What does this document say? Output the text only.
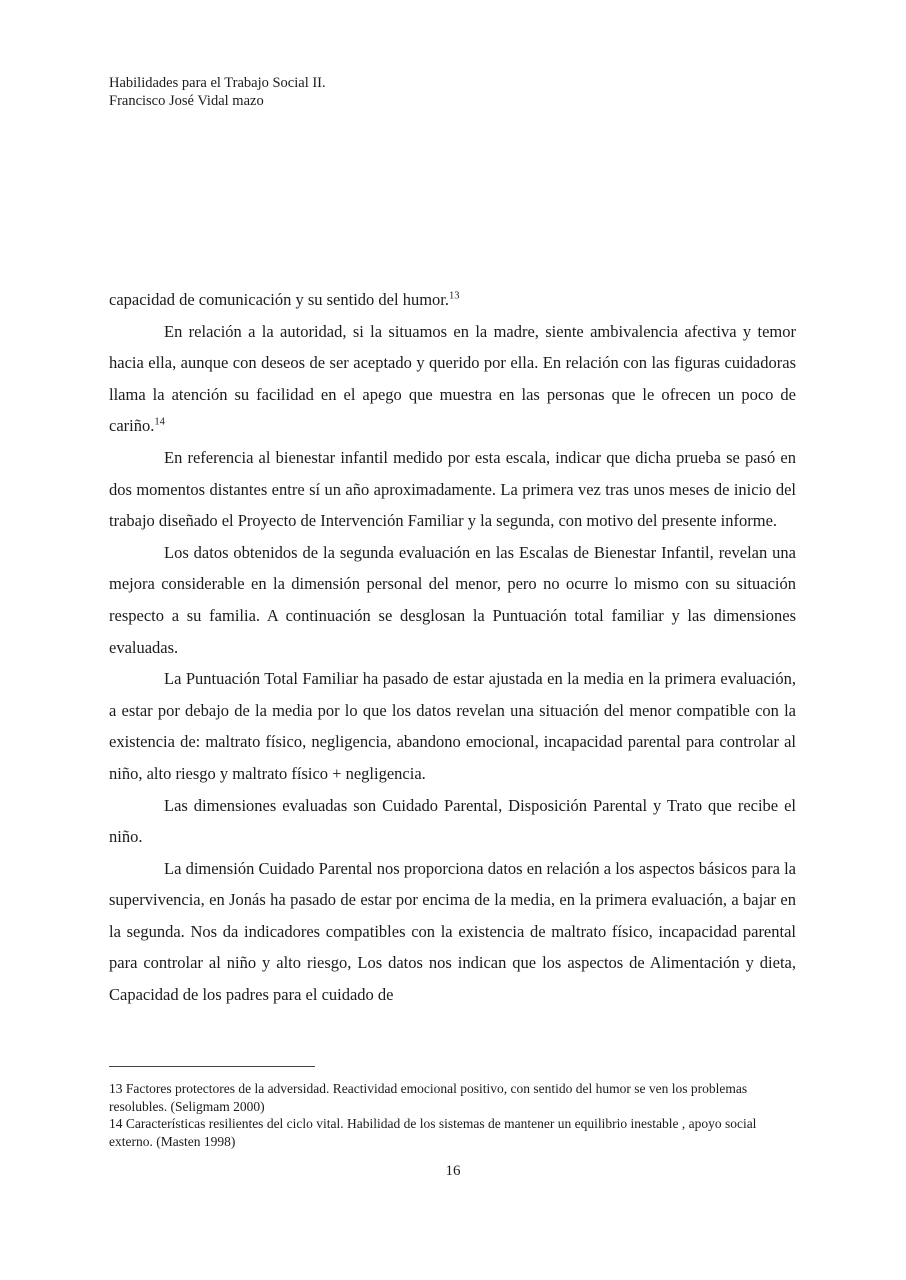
Habilidades para el Trabajo Social II.
Francisco José Vidal mazo

capacidad de comunicación y su sentido del humor.$^{13}$

En relación a la autoridad, si la situamos en la madre, siente ambivalencia afectiva y temor hacia ella, aunque con deseos de ser aceptado y querido por ella. En relación con las figuras cuidadoras llama la atención su facilidad en el apego que muestra en las personas que le ofrecen un poco de cariño.$^{14}$

En referencia al bienestar infantil medido por esta escala, indicar que dicha prueba se pasó en dos momentos distantes entre sí un año aproximadamente. La primera vez tras unos meses de inicio del trabajo diseñado el Proyecto de Intervención Familiar y la segunda, con motivo del presente informe.

Los datos obtenidos de la segunda evaluación en las Escalas de Bienestar Infantil, revelan una mejora considerable en la dimensión personal del menor, pero no ocurre lo mismo con su situación respecto a su familia. A continuación se desglosan la Puntuación total familiar y las dimensiones evaluadas.

La Puntuación Total Familiar ha pasado de estar ajustada en la media en la primera evaluación, a estar por debajo de la media por lo que los datos revelan una situación del menor compatible con la existencia de: maltrato físico, negligencia, abandono emocional, incapacidad parental para controlar al niño, alto riesgo y maltrato físico + negligencia.

Las dimensiones evaluadas son Cuidado Parental, Disposición Parental y Trato que recibe el niño.

La dimensión Cuidado Parental nos proporciona datos en relación a los aspectos básicos para la supervivencia, en Jonás ha pasado de estar por encima de la media, en la primera evaluación, a bajar en la segunda. Nos da indicadores compatibles con la existencia de maltrato físico, incapacidad parental para controlar al niño y alto riesgo, Los datos nos indican que los aspectos de Alimentación y dieta, Capacidad de los padres para el cuidado de

13 Factores protectores de la adversidad. Reactividad emocional positivo, con sentido del humor se ven los problemas resolubles. (Seligmam 2000)

14 Características resilientes del ciclo vital. Habilidad de los sistemas de mantener un equilibrio inestable , apoyo social externo. (Masten 1998)

16
